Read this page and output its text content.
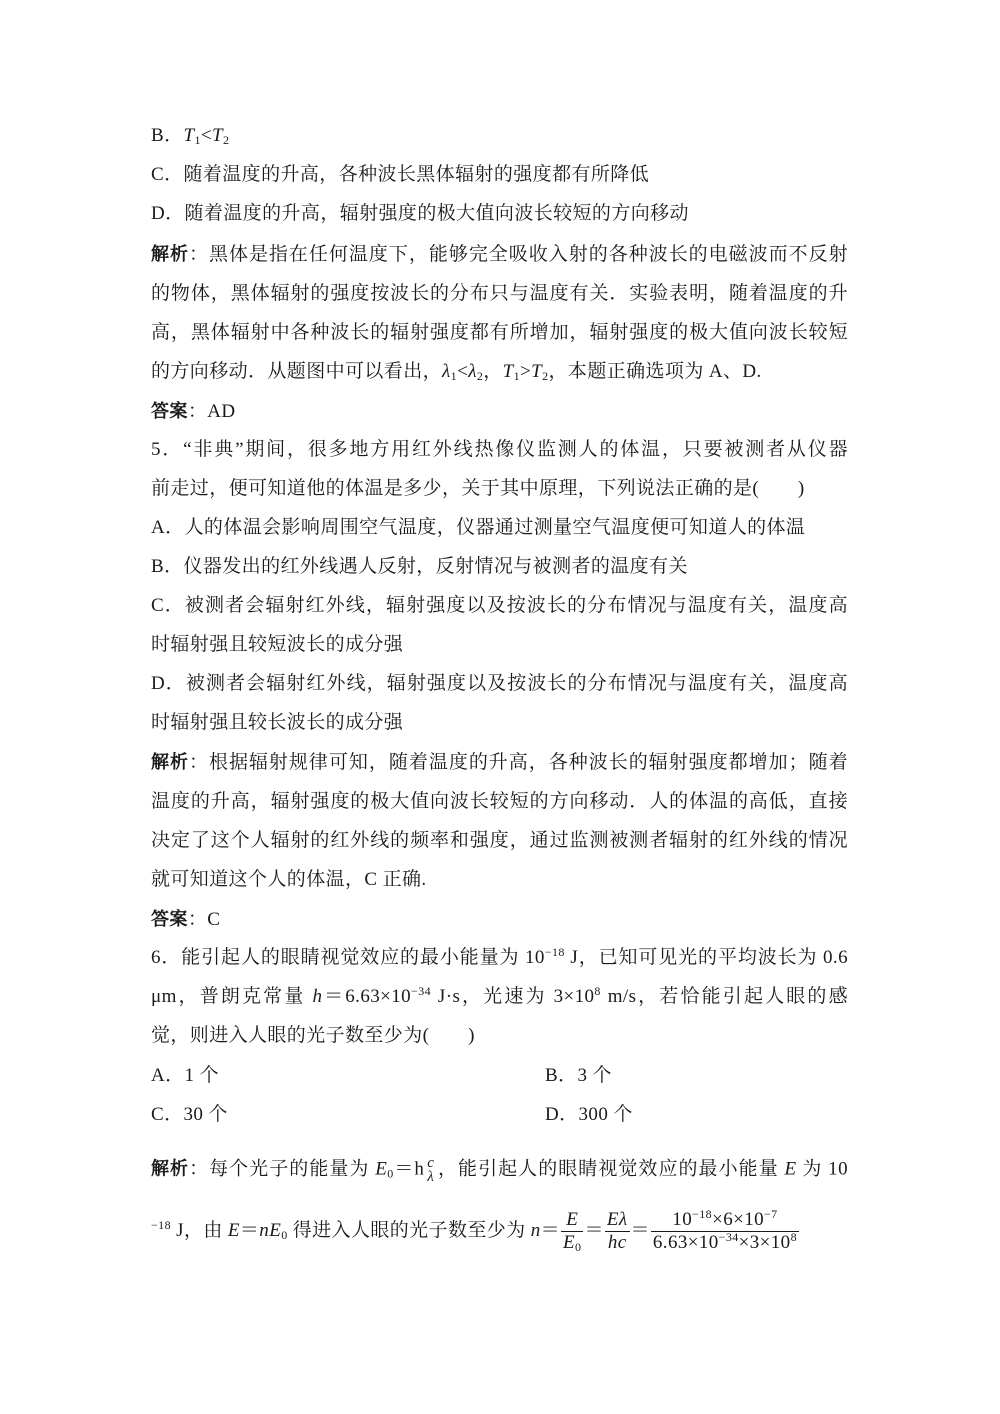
B．$T_1<T_2$
C．随着温度的升高，各种波长黑体辐射的强度都有所降低
D．随着温度的升高，辐射强度的极大值向波长较短的方向移动
解析：黑体是指在任何温度下，能够完全吸收入射的各种波长的电磁波而不反射
的物体，黑体辐射的强度按波长的分布只与温度有关．实验表明，随着温度的升
高，黑体辐射中各种波长的辐射强度都有所增加，辐射强度的极大值向波长较短
的方向移动．从题图中可以看出，$\lambda_1<\lambda_2$，$T_1>T_2$，本题正确选项为 A、D.
答案：AD
5．“非典”期间，很多地方用红外线热像仪监测人的体温，只要被测者从仪器
前走过，便可知道他的体温是多少，关于其中原理，下列说法正确的是(　　)
A．人的体温会影响周围空气温度，仪器通过测量空气温度便可知道人的体温
B．仪器发出的红外线遇人反射，反射情况与被测者的温度有关
C．被测者会辐射红外线，辐射强度以及按波长的分布情况与温度有关，温度高
时辐射强且较短波长的成分强
D．被测者会辐射红外线，辐射强度以及按波长的分布情况与温度有关，温度高
时辐射强且较长波长的成分强
解析：根据辐射规律可知，随着温度的升高，各种波长的辐射强度都增加；随着
温度的升高，辐射强度的极大值向波长较短的方向移动．人的体温的高低，直接
决定了这个人辐射的红外线的频率和强度，通过监测被测者辐射的红外线的情况
就可知道这个人的体温，C 正确.
答案：C
6．能引起人的眼睛视觉效应的最小能量为 $10^{-18}$ J，已知可见光的平均波长为 0.6
μm，普朗克常量 $h=6.63\times 10^{-34}$ J·s，光速为 $3\times 10^8$ m/s，若恰能引起人眼的感
觉，则进入人眼的光子数至少为(　　)
A．1 个	B．3 个
C．30 个	D．300 个
解析：每个光子的能量为 $E_0=h$ c
λ ，能引起人的眼睛视觉效应的最小能量 E 为 10
$^{-18}$ J，由 $E=nE_0$ 得进入人眼的光子数至少为 $n= \frac{E}{E_0} = \frac{E\lambda}{hc} = \frac{10^{-18}\times 6\times 10^{-7}}{6.63\times 10^{-34}\times 3\times 10^8}$
